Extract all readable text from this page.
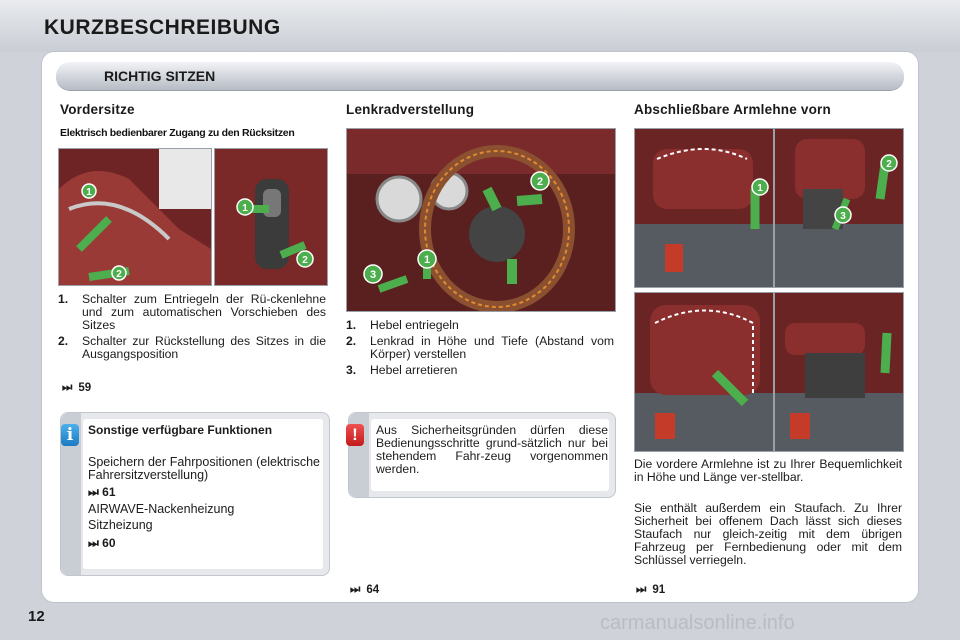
KURZBESCHREIBUNG
RICHTIG SITZEN
Vordersitze
Elektrisch bedienbarer Zugang zu den Rücksitzen
1
2
1
2
1. Schalter zum Entriegeln der Rü-ckenlehne und zum automatischen Vorschieben des Sitzes
2. Schalter zur Rückstellung des Sitzes in die Ausgangsposition
⏭ 59
i	Sonstige verfügbare Funktionen
Speichern der Fahrpositionen (elektrische Fahrersitzverstellung)
⏭ 61
AIRWAVE-Nackenheizung
Sitzheizung
⏭ 60
Lenkradverstellung
2
1
3
1. Hebel entriegeln
2. Lenkrad in Höhe und Tiefe (Abstand vom Körper) verstellen
3. Hebel arretieren
!	Aus Sicherheitsgründen dürfen diese Bedienungsschritte grund-sätzlich nur bei stehendem Fahr-zeug vorgenommen werden.
⏭ 64
Abschließbare Armlehne vorn
1
2
3
Die vordere Armlehne ist zu Ihrer Bequemlichkeit in Höhe und Länge ver-stellbar.
Sie enthält außerdem ein Staufach. Zu Ihrer Sicherheit bei offenem Dach lässt sich dieses Staufach nur gleich-zeitig mit dem übrigen Fahrzeug per Fernbedienung oder mit dem Schlüssel verriegeln.
⏭ 91
12	carmanualsonline.info
